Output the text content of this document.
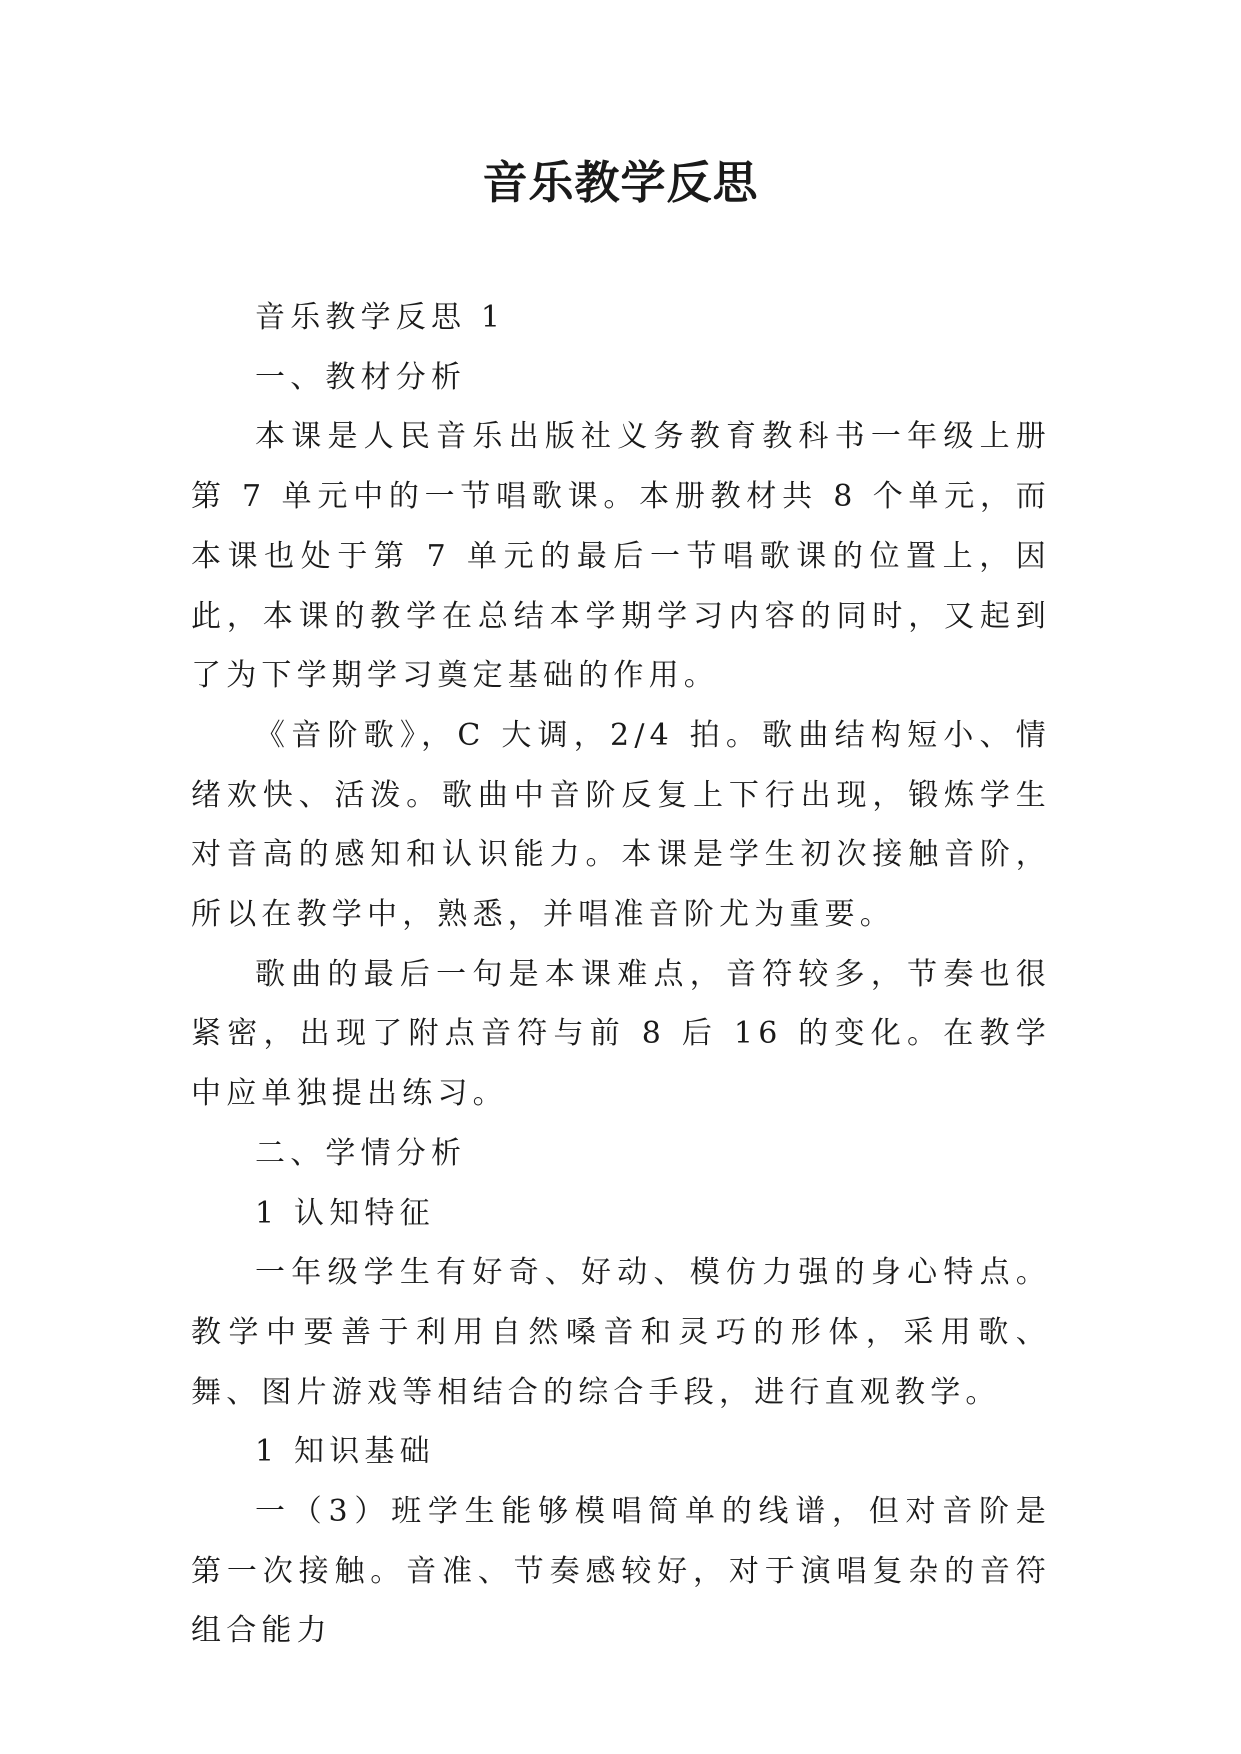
音乐教学反思

音乐教学反思 1

一、教材分析

本课是人民音乐出版社义务教育教科书一年级上册第 7 单元中的一节唱歌课。本册教材共 8 个单元，而本课也处于第 7 单元的最后一节唱歌课的位置上，因此，本课的教学在总结本学期学习内容的同时，又起到了为下学期学习奠定基础的作用。

《音阶歌》，C 大调，2/4 拍。歌曲结构短小、情绪欢快、活泼。歌曲中音阶反复上下行出现，锻炼学生对音高的感知和认识能力。本课是学生初次接触音阶，所以在教学中，熟悉，并唱准音阶尤为重要。

歌曲的最后一句是本课难点，音符较多，节奏也很紧密，出现了附点音符与前 8 后 16 的变化。在教学中应单独提出练习。

二、学情分析

1 认知特征

一年级学生有好奇、好动、模仿力强的身心特点。教学中要善于利用自然嗓音和灵巧的形体，采用歌、舞、图片游戏等相结合的综合手段，进行直观教学。

1 知识基础

一（3）班学生能够模唱简单的线谱，但对音阶是第一次接触。音准、节奏感较好，对于演唱复杂的音符组合能力
